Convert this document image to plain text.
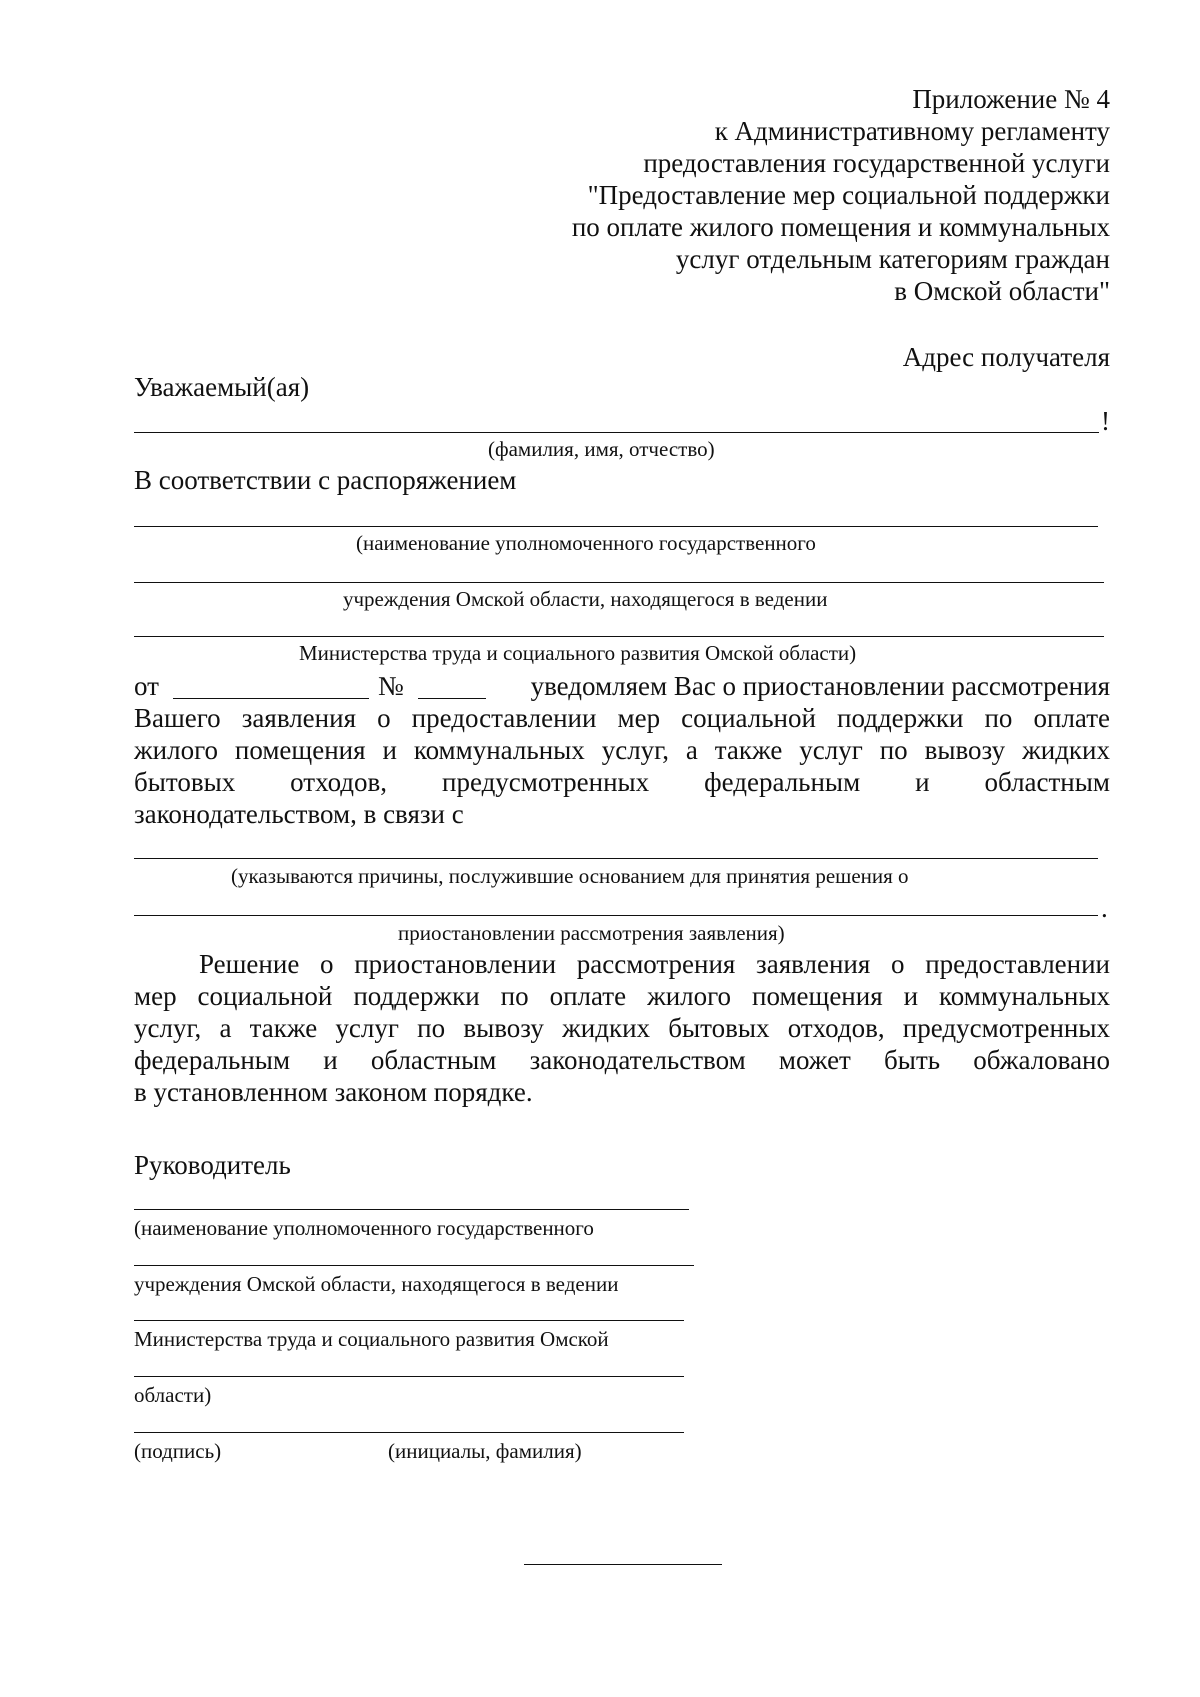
Приложение № 4
к Административному регламенту
предоставления государственной услуги
"Предоставление мер социальной поддержки
по оплате жилого помещения и коммунальных
услуг отдельным категориям граждан
в Омской области"
Адрес получателя
Уважаемый(ая)
!
(фамилия, имя, отчество)
В соответствии с распоряжением
(наименование уполномоченного государственного
учреждения Омской области, находящегося в ведении
Министерства труда и социального развития Омской области)
от	№	уведомляем Вас о приостановлении рассмотрения
Вашего заявления о предоставлении мер социальной поддержки по оплате
жилого помещения и коммунальных услуг, а также услуг по вывозу жидких
бытовых отходов, предусмотренных федеральным и областным
законодательством, в связи с
(указываются причины, послужившие основанием для принятия решения о
.
приостановлении рассмотрения заявления)
Решение о приостановлении рассмотрения заявления о предоставлении
мер социальной поддержки по оплате жилого помещения и коммунальных
услуг, а также услуг по вывозу жидких бытовых отходов, предусмотренных
федеральным и областным законодательством может быть обжаловано
в установленном законом порядке.
Руководитель
(наименование уполномоченного государственного
учреждения Омской области, находящегося в ведении
Министерства труда и социального развития Омской
области)
(подпись)	(инициалы, фамилия)
